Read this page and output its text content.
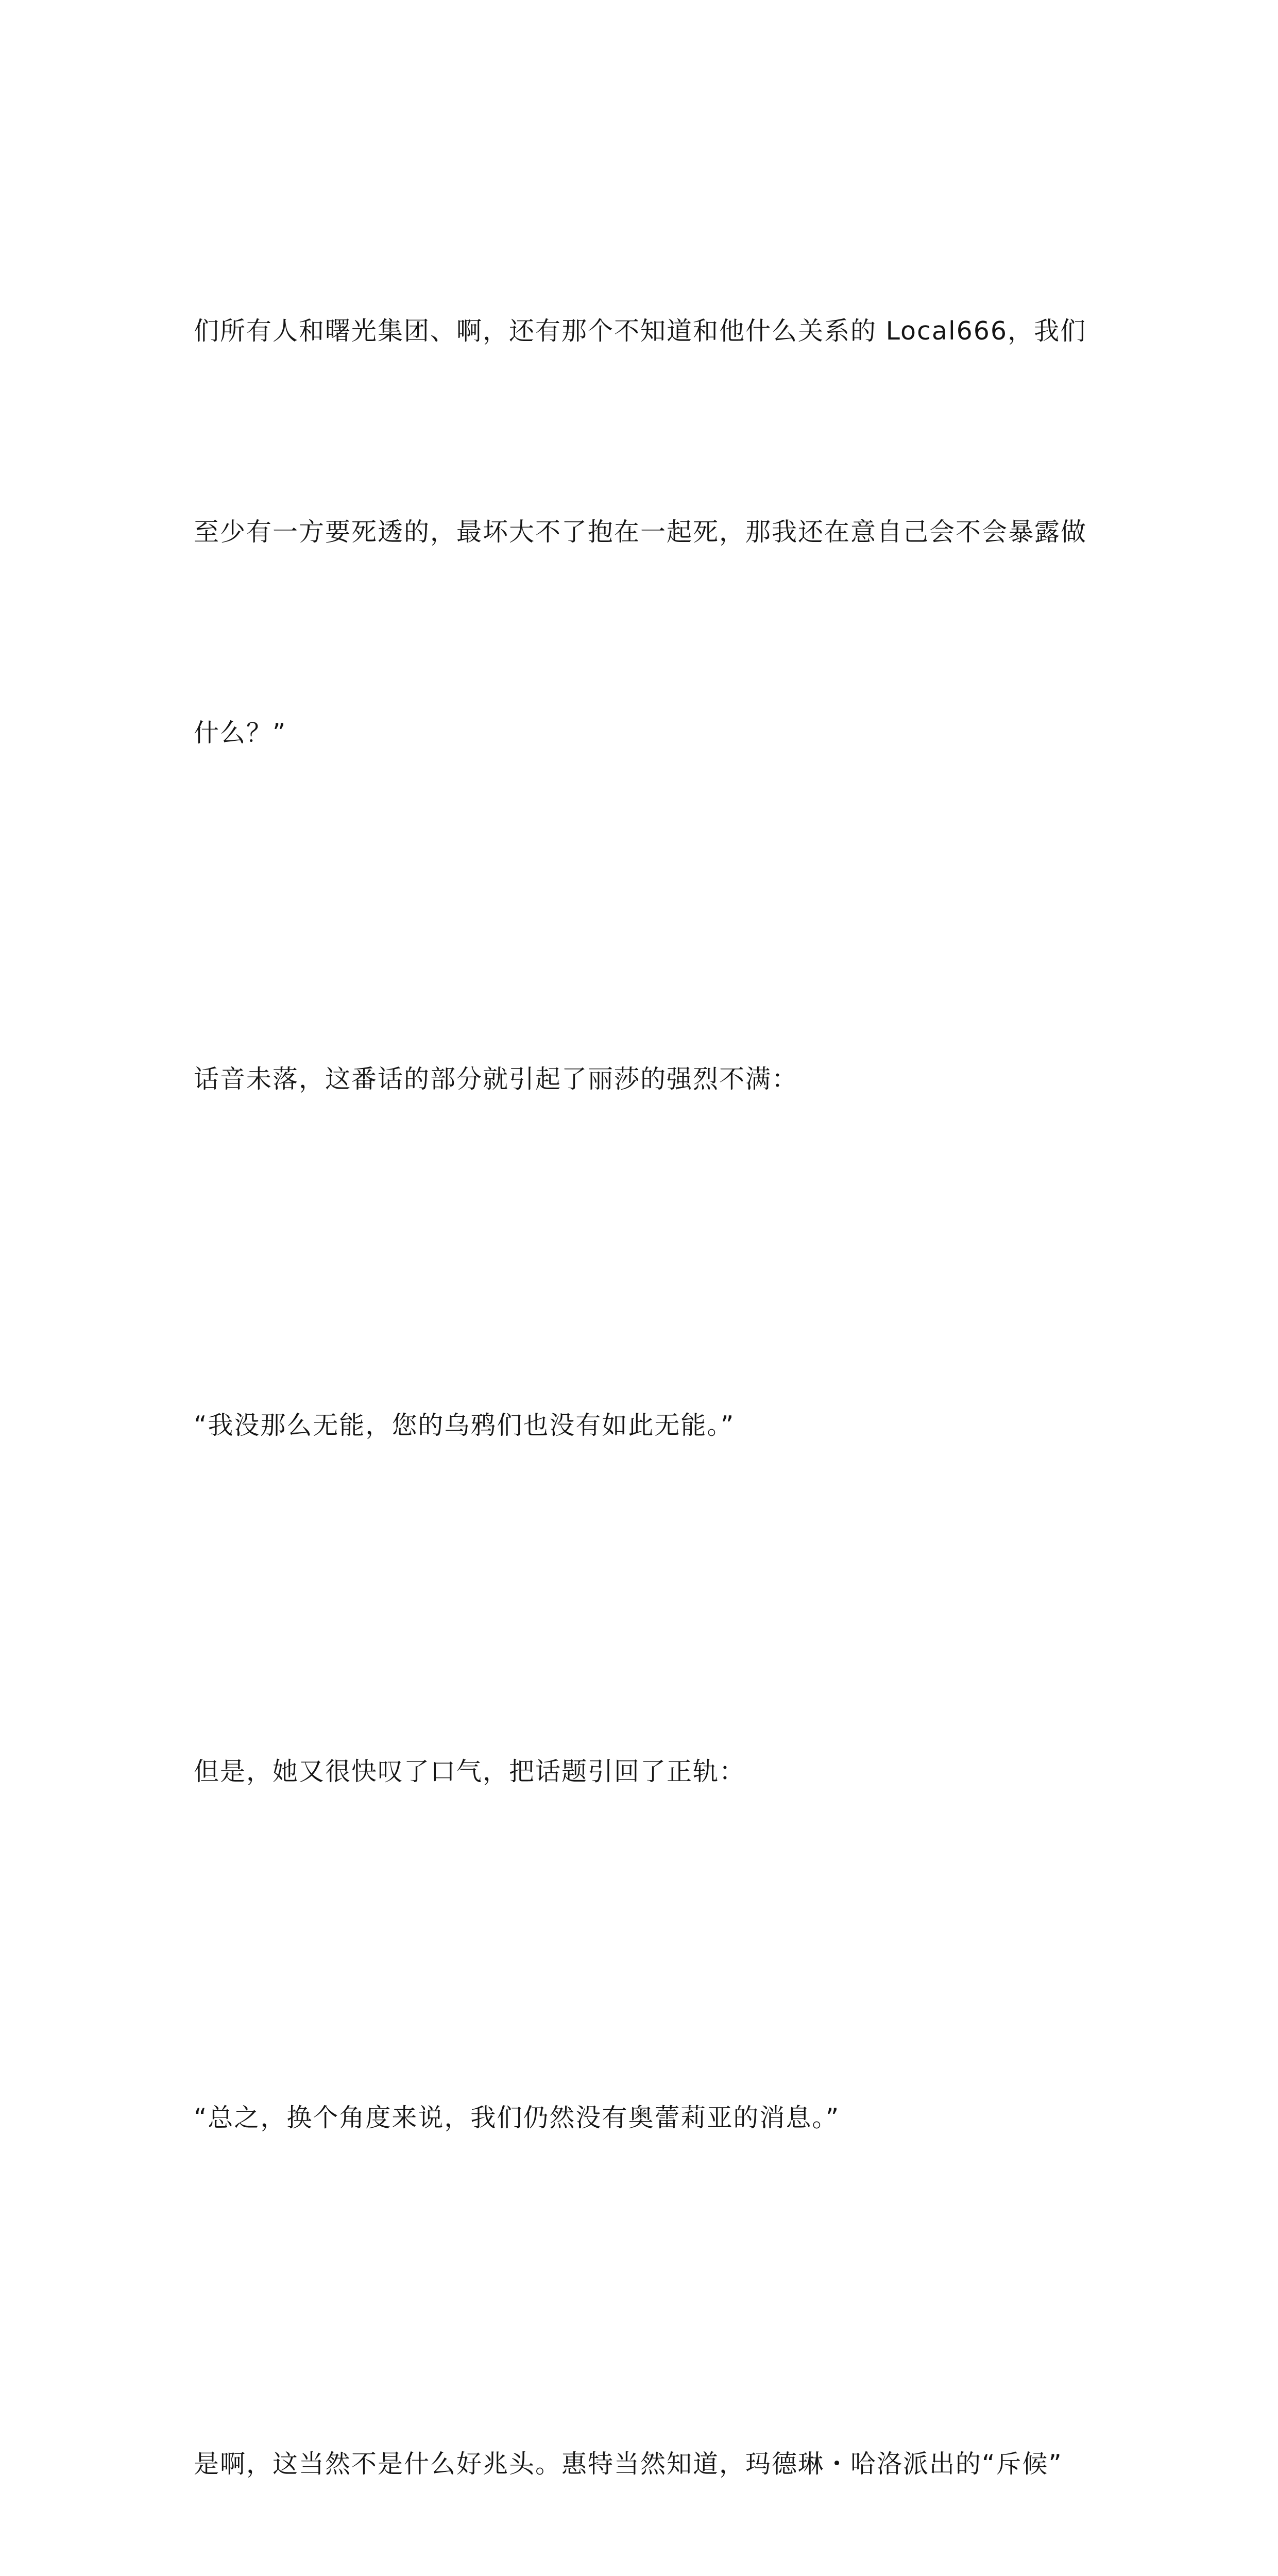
们所有人和曙光集团、啊，还有那个不知道和他什么关系的 Local666，我们

至少有一方要死透的，最坏大不了抱在一起死，那我还在意自己会不会暴露做

什么？”

话音未落，这番话的部分就引起了丽莎的强烈不满：

“我没那么无能，您的乌鸦们也没有如此无能。”

但是，她又很快叹了口气，把话题引回了正轨：

“总之，换个角度来说，我们仍然没有奥蕾莉亚的消息。”

是啊，这当然不是什么好兆头。惠特当然知道，玛德琳・哈洛派出的“斥候”
